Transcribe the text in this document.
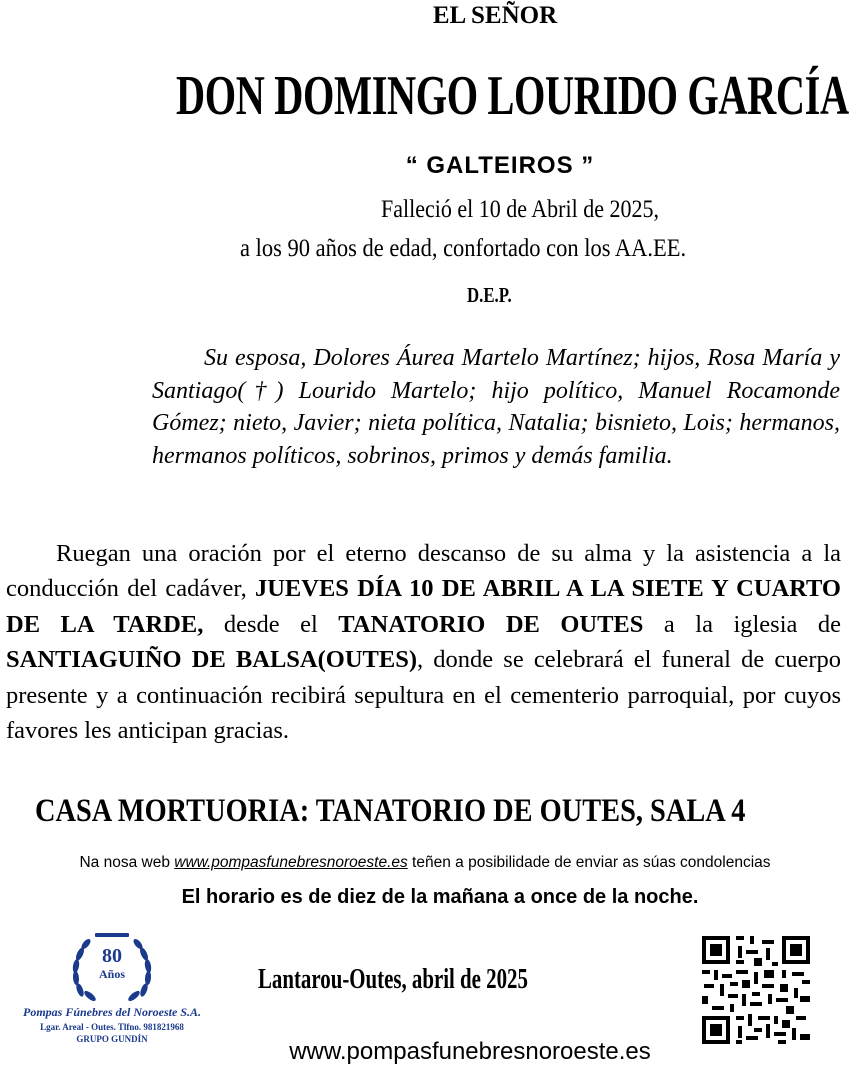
EL SEÑOR
DON DOMINGO LOURIDO GARCÍA
“ GALTEIROS ”
Falleció el 10 de Abril de 2025,
a los 90 años de edad, confortado con los AA.EE.
D.E.P.

Su esposa, Dolores Áurea Martelo Martínez; hijos, Rosa María y Santiago(†) Lourido Martelo; hijo político, Manuel Rocamonde Gómez; nieto, Javier; nieta política, Natalia; bisnieto, Lois; hermanos, hermanos políticos, sobrinos, primos y demás familia.

Ruegan una oración por el eterno descanso de su alma y la asistencia a la conducción del cadáver, JUEVES DÍA 10 DE ABRIL A LA SIETE Y CUARTO DE LA TARDE, desde el TANATORIO DE OUTES a la iglesia de SANTIAGUIÑO DE BALSA(OUTES), donde se celebrará el funeral de cuerpo presente y a continuación recibirá sepultura en el cementerio parroquial, por cuyos favores les anticipan gracias.

CASA MORTUORIA: TANATORIO DE OUTES, SALA 4
Na nosa web www.pompasfunebresnoroeste.es teñen a posibilidade de enviar as súas condolencias
El horario es de diez de la mañana a once de la noche.
80
Años
Pompas Fúnebres del Noroeste S.A.
Lgar. Areal - Outes. Tlfno. 981821968
GRUPO GUNDÍN
Lantarou-Outes, abril de 2025
www.pompasfunebresnoroeste.es
